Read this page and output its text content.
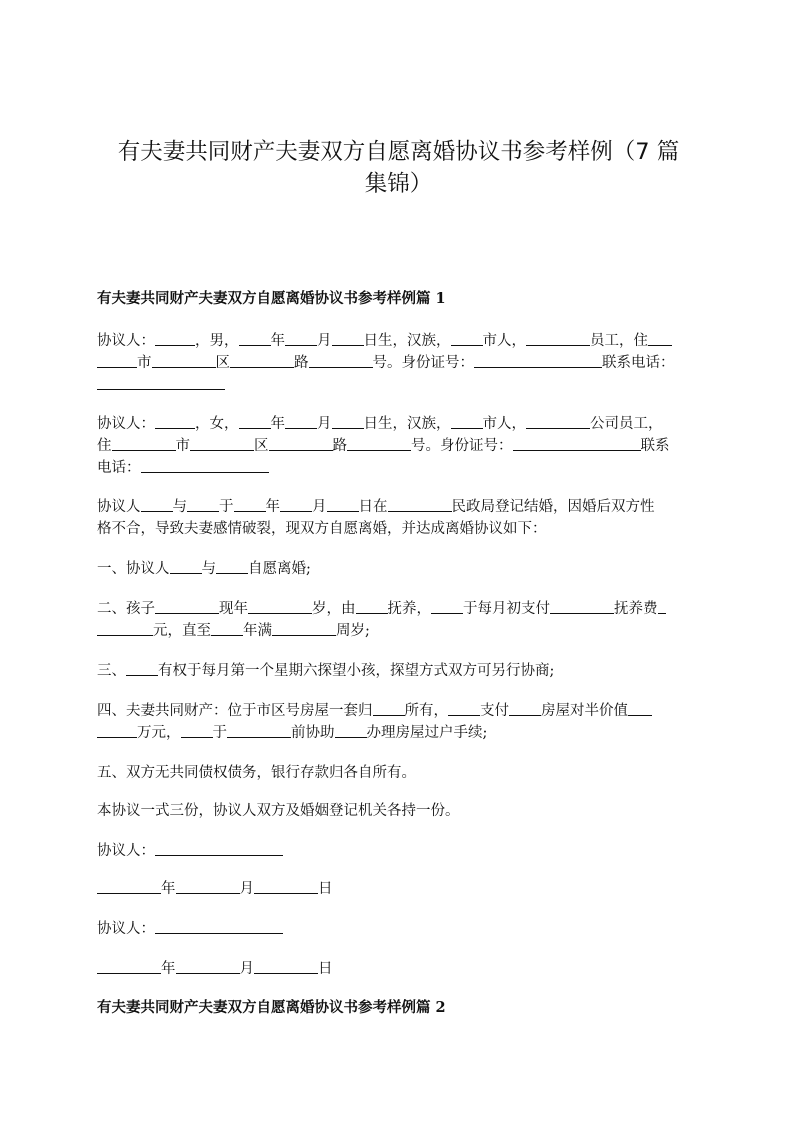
有夫妻共同财产夫妻双方自愿离婚协议书参考样例（7 篇
集锦）
有夫妻共同财产夫妻双方自愿离婚协议书参考样例篇 1
协议人：	，男， 年 月 日生，汉族， 市人，	员工，住
市	区	路	号。身份证号：	联系电话：
协议人：	，女， 年 月 日生，汉族， 市人，	公司员工，
住	市	区	路	号。身份证号：	联系
电话：
协议人 与 于 年 月 日在	民政局登记结婚，因婚后双方性
格不合，导致夫妻感情破裂，现双方自愿离婚，并达成离婚协议如下：
一、协议人 与 自愿离婚;
二、孩子	现年	岁，由 抚养， 于每月初支付	抚养费
元，直至 年满	周岁;
三、 有权于每月第一个星期六探望小孩，探望方式双方可另行协商;
四、夫妻共同财产：位于市区号房屋一套归 所有， 支付 房屋对半价值
万元， 于	前协助 办理房屋过户手续;
五、双方无共同债权债务，银行存款归各自所有。
本协议一式三份，协议人双方及婚姻登记机关各持一份。
协议人：
年	月	日
协议人：
年	月	日
有夫妻共同财产夫妻双方自愿离婚协议书参考样例篇 2
